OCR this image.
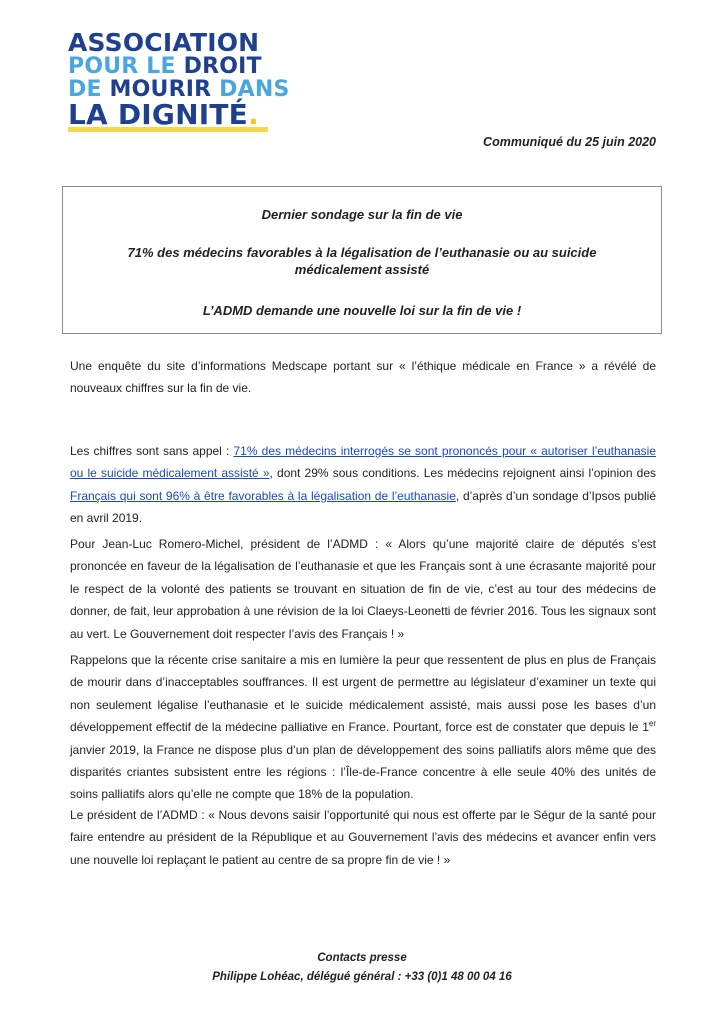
ASSOCIATION
POUR LE DROIT
DE MOURIR DANS
LA DIGNITÉ.
Communiqué du 25 juin 2020

Dernier sondage sur la fin de vie

71% des médecins favorables à la légalisation de l’euthanasie ou au suicide médicalement assisté

L’ADMD demande une nouvelle loi sur la fin de vie !

Une enquête du site d’informations Medscape portant sur « l’éthique médicale en France » a révélé de nouveaux chiffres sur la fin de vie.

Les chiffres sont sans appel : 71% des médecins interrogés se sont prononcés pour « autoriser l’euthanasie ou le suicide médicalement assisté », dont 29% sous conditions. Les médecins rejoignent ainsi l’opinion des Français qui sont 96% à être favorables à la légalisation de l’euthanasie, d’après d’un sondage d’Ipsos publié en avril 2019.

Pour Jean-Luc Romero-Michel, président de l’ADMD : « Alors qu’une majorité claire de députés s’est prononcée en faveur de la légalisation de l’euthanasie et que les Français sont à une écrasante majorité pour le respect de la volonté des patients se trouvant en situation de fin de vie, c’est au tour des médecins de donner, de fait, leur approbation à une révision de la loi Claeys-Leonetti de février 2016. Tous les signaux sont au vert. Le Gouvernement doit respecter l’avis des Français ! »

Rappelons que la récente crise sanitaire a mis en lumière la peur que ressentent de plus en plus de Français de mourir dans d’inacceptables souffrances. Il est urgent de permettre au législateur d’examiner un texte qui non seulement légalise l’euthanasie et le suicide médicalement assisté, mais aussi pose les bases d’un développement effectif de la médecine palliative en France. Pourtant, force est de constater que depuis le 1er janvier 2019, la France ne dispose plus d’un plan de développement des soins palliatifs alors même que des disparités criantes subsistent entre les régions : l’Île-de-France concentre à elle seule 40% des unités de soins palliatifs alors qu’elle ne compte que 18% de la population.

Le président de l’ADMD : « Nous devons saisir l’opportunité qui nous est offerte par le Ségur de la santé pour faire entendre au président de la République et au Gouvernement l’avis des médecins et avancer enfin vers une nouvelle loi replaçant le patient au centre de sa propre fin de vie ! »

Contacts presse
Philippe Lohéac, délégué général : +33 (0)1 48 00 04 16
